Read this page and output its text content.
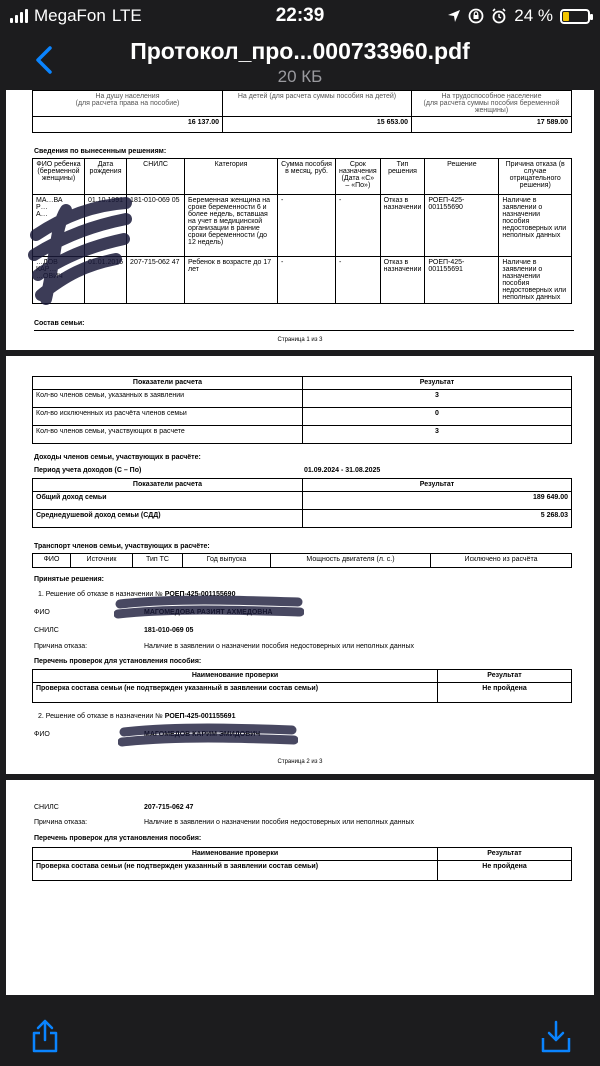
MegaFon LTE	22:39	24 %
Протокол_про...000733960.pdf
20 КБ
На душу населения
(для расчета права на пособие)	На детей (для расчета суммы пособия на детей)	На трудоспособное население
(для расчета суммы пособия беременной женщины)
16 137.00	15 653.00	17 589.00
Сведения по вынесенным решениям:
ФИО ребенка (беременной женщины)	Дата рождения	СНИЛС	Категория	Сумма пособия в месяц, руб.	Срок назначения (Дата «С» – «По»)	Тип решения	Решение	Причина отказа (в случае отрицательного решения)
МА…ВА
Р…
А…	01.10.1991	181-010-069 05	Беременная женщина на сроке беременности 6 и более недель, вставшая на учет в медицинской организации в ранние сроки беременности (до 12 недель)	-	-	Отказ в назначении	РОЕП-425-001155690	Наличие в заявлении о назначении пособия недостоверных или неполных данных
…ДОВ
КАР…
…ОВИЧ	01.01.2016	207-715-062 47	Ребенок в возрасте до 17 лет	-	-	Отказ в назначении	РОЕП-425-001155691	Наличие в заявлении о назначении пособия недостоверных или неполных данных
Состав семьи:
Страница 1 из 3
Показатели расчета	Результат
Кол-во членов семьи, указанных в заявлении	3
Кол-во исключенных из расчёта членов семьи	0
Кол-во членов семьи, участвующих в расчете	3
Доходы членов семьи, участвующих в расчёте:
Период учета доходов (С – По)	01.09.2024 - 31.08.2025
Показатели расчета	Результат
Общий доход семьи	189 649.00
Среднедушевой доход семьи (СДД)	5 268.03
Транспорт членов семьи, участвующих в расчёте:
ФИО	Источник	Тип ТС	Год выпуска	Мощность двигателя (л. с.)	Исключено из расчёта
Принятые решения:
1. Решение об отказе в назначении № РОЕП-425-001155690
ФИО	МАГОМЕДОВА РАЗИЯТ АХМЕДОВНА
СНИЛС	181-010-069 05
Причина отказа:	Наличие в заявлении о назначении пособия недостоверных или неполных данных
Перечень проверок для установления пособия:
Наименование проверки	Результат
Проверка состава семьи (не подтвержден указанный в заявлении состав семьи)	Не пройдена
2. Решение об отказе в назначении № РОЕП-425-001155691
ФИО	МАГОМЕДОВ КАРИМ ЭМИДОВИЧ
Страница 2 из 3
СНИЛС	207-715-062 47
Причина отказа:	Наличие в заявлении о назначении пособия недостоверных или неполных данных
Перечень проверок для установления пособия:
Наименование проверки	Результат
Проверка состава семьи (не подтвержден указанный в заявлении состав семьи)	Не пройдена
